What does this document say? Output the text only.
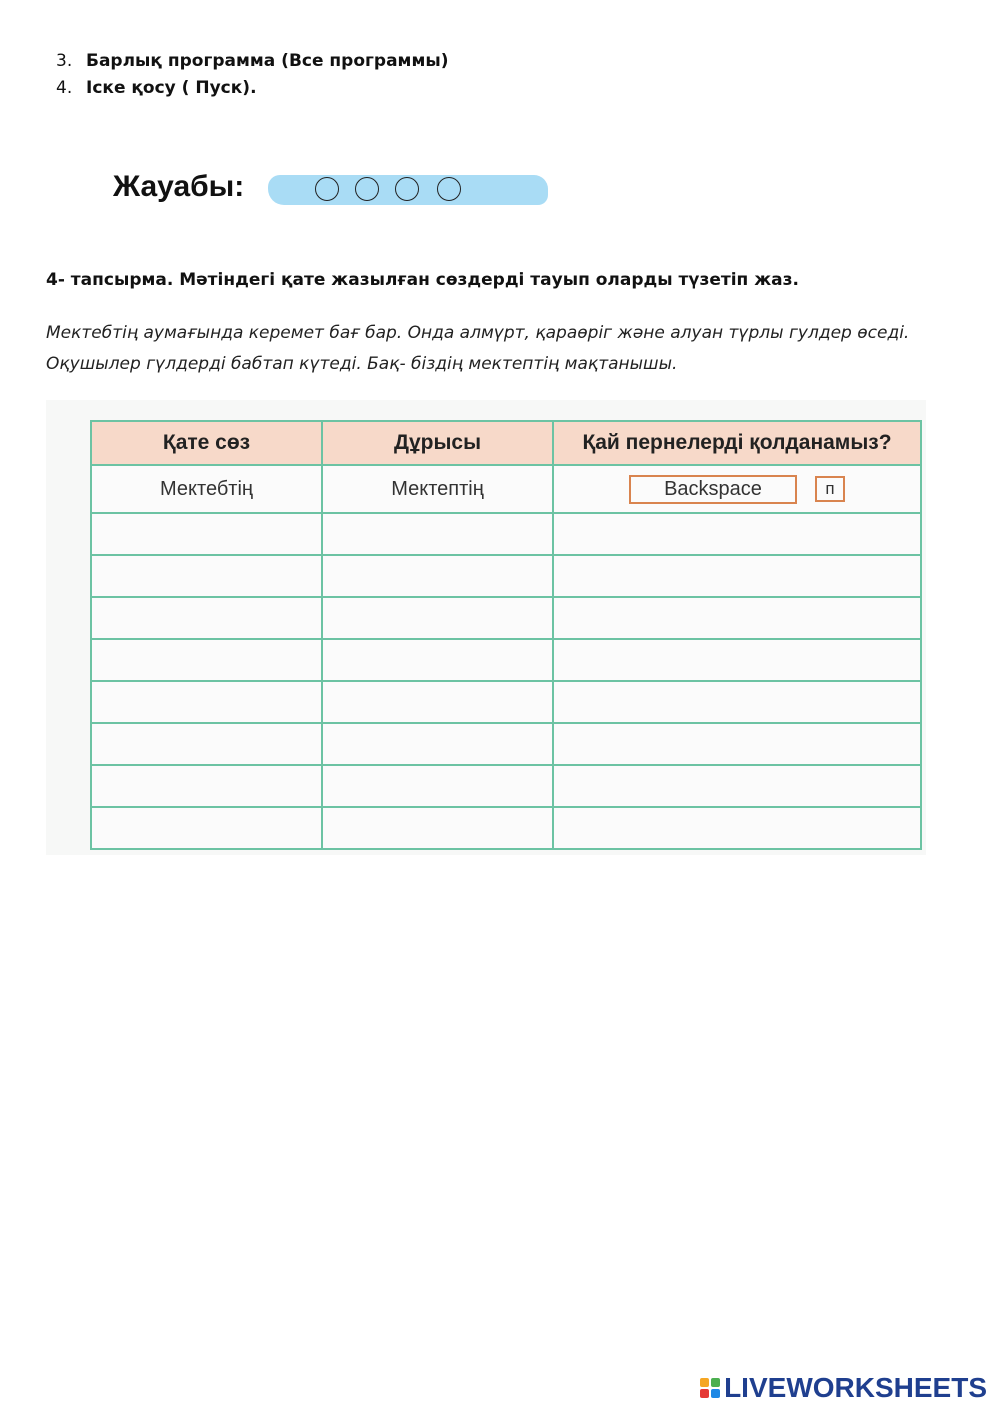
3. Барлық программа (Все программы)
4. Іске қосу ( Пуск).
Жауабы:
4- тапсырма. Мәтіндегі қате жазылған сөздерді тауып оларды түзетіп жаз.
Мектебтің аумағында керемет бағ бар. Онда алмүрт, қараөріг және алуан түрлы гулдер өседі. Оқушылер гүлдерді бабтап күтеді. Бақ- біздің мектептің мақтанышы.
Қате сөз	Дұрысы	Қай пернелерді қолданамыз?
Мектебтің	Мектептің	Backspace п

LIVEWORKSHEETS
